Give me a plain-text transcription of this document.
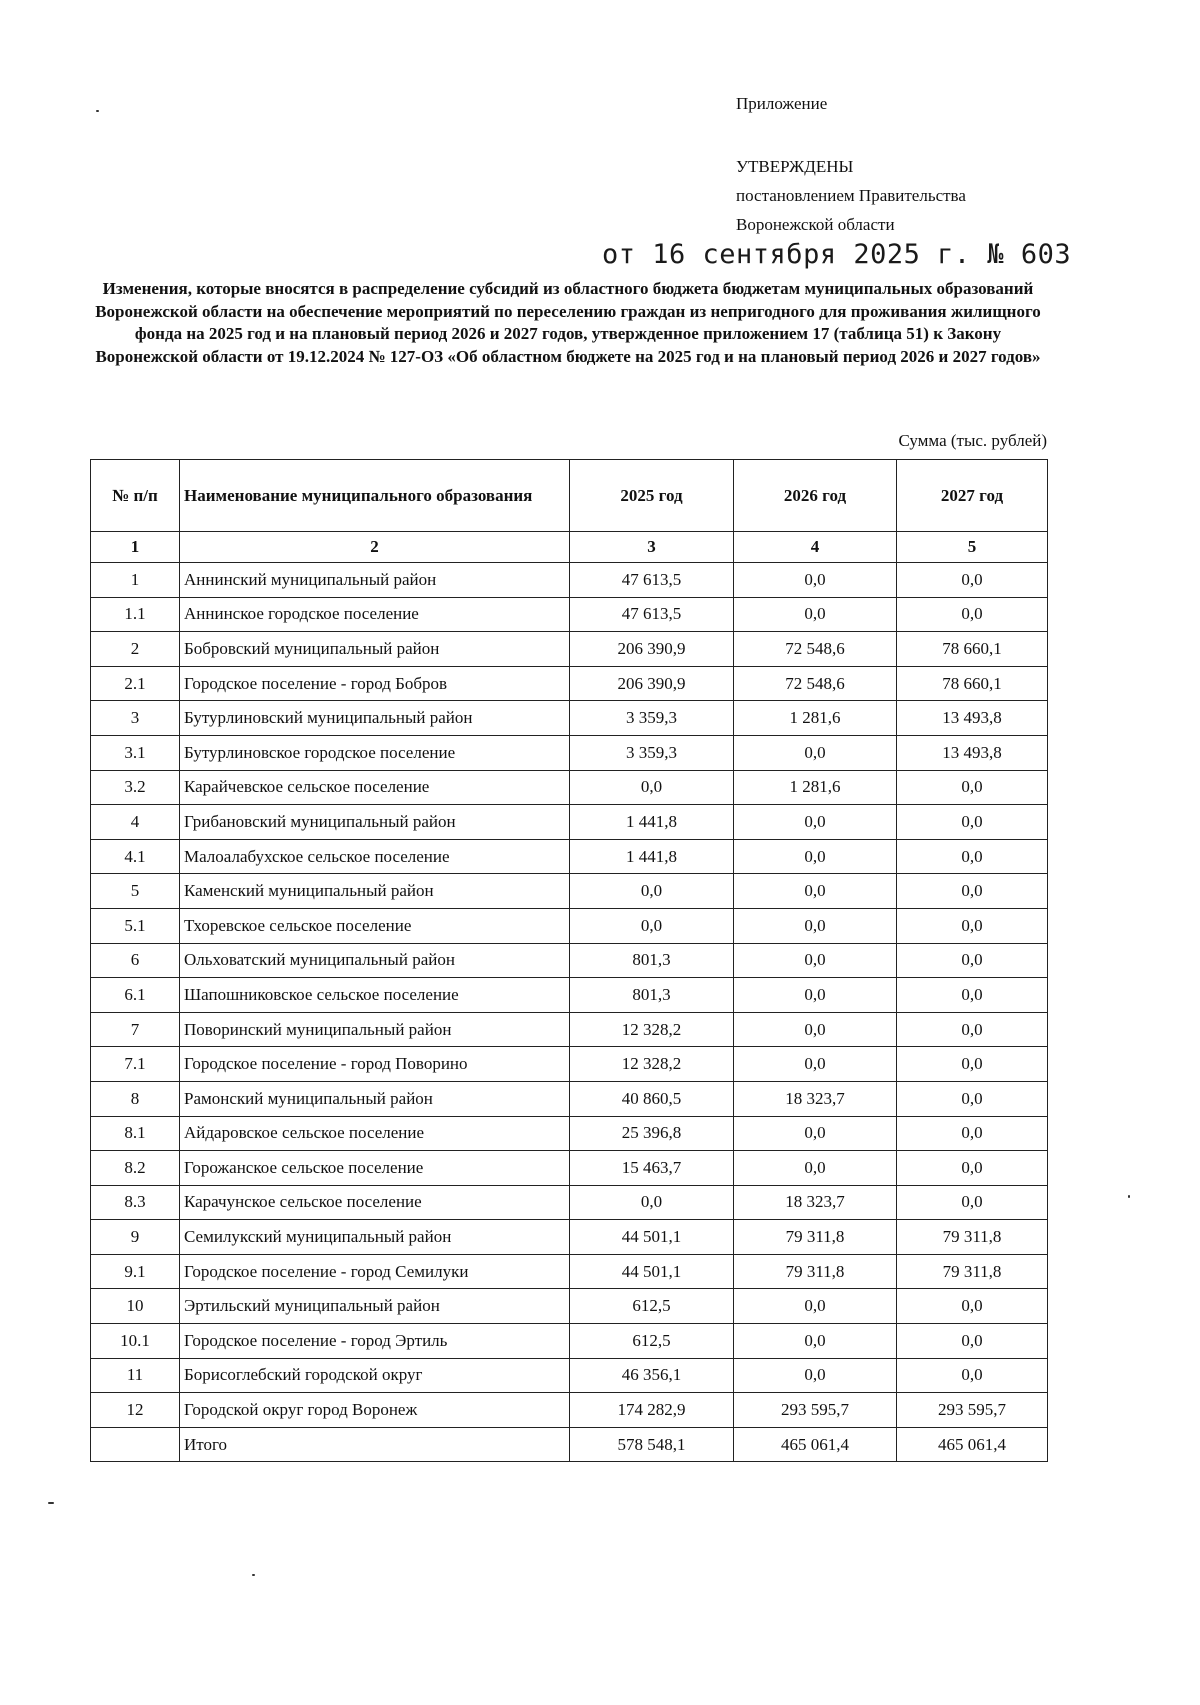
Приложение
УТВЕРЖДЕНЫ
постановлением Правительства
Воронежской области
от 16 сентября 2025 г. № 603
Изменения, которые вносятся в распределение субсидий из областного бюджета бюджетам муниципальных образований Воронежской области на обеспечение мероприятий по переселению граждан из непригодного для проживания жилищного фонда на 2025 год и на плановый период 2026 и 2027 годов, утвержденное приложением 17 (таблица 51) к Закону Воронежской области от 19.12.2024 № 127-ОЗ «Об областном бюджете на 2025 год и на плановый период 2026 и 2027 годов»
Сумма (тыс. рублей)
№ п/п	Наименование муниципального образования	2025 год	2026 год	2027 год
1	2	3	4	5
1	Аннинский муниципальный район	47 613,5	0,0	0,0
1.1	Аннинское городское поселение	47 613,5	0,0	0,0
2	Бобровский муниципальный район	206 390,9	72 548,6	78 660,1
2.1	Городское поселение - город Бобров	206 390,9	72 548,6	78 660,1
3	Бутурлиновский муниципальный район	3 359,3	1 281,6	13 493,8
3.1	Бутурлиновское городское поселение	3 359,3	0,0	13 493,8
3.2	Карайчевское сельское поселение	0,0	1 281,6	0,0
4	Грибановский муниципальный район	1 441,8	0,0	0,0
4.1	Малоалабухское сельское поселение	1 441,8	0,0	0,0
5	Каменский муниципальный район	0,0	0,0	0,0
5.1	Тхоревское сельское поселение	0,0	0,0	0,0
6	Ольховатский муниципальный район	801,3	0,0	0,0
6.1	Шапошниковское сельское поселение	801,3	0,0	0,0
7	Поворинский муниципальный район	12 328,2	0,0	0,0
7.1	Городское поселение - город Поворино	12 328,2	0,0	0,0
8	Рамонский муниципальный район	40 860,5	18 323,7	0,0
8.1	Айдаровское сельское поселение	25 396,8	0,0	0,0
8.2	Горожанское сельское поселение	15 463,7	0,0	0,0
8.3	Карачунское сельское поселение	0,0	18 323,7	0,0
9	Семилукский муниципальный район	44 501,1	79 311,8	79 311,8
9.1	Городское поселение - город Семилуки	44 501,1	79 311,8	79 311,8
10	Эртильский муниципальный район	612,5	0,0	0,0
10.1	Городское поселение - город Эртиль	612,5	0,0	0,0
11	Борисоглебский городской округ	46 356,1	0,0	0,0
12	Городской округ город Воронеж	174 282,9	293 595,7	293 595,7
	Итого	578 548,1	465 061,4	465 061,4
